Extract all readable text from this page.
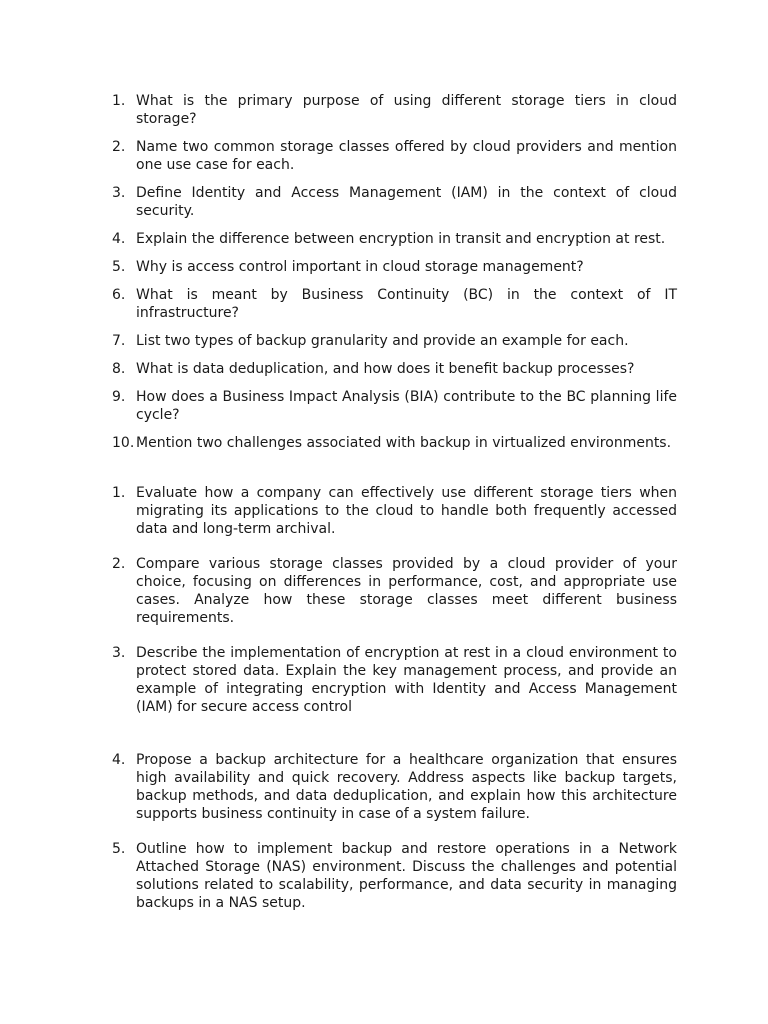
1. What is the primary purpose of using different storage tiers in cloud storage?
2. Name two common storage classes offered by cloud providers and mention one use case for each.
3. Define Identity and Access Management (IAM) in the context of cloud security.
4. Explain the difference between encryption in transit and encryption at rest.
5. Why is access control important in cloud storage management?
6. What is meant by Business Continuity (BC) in the context of IT infrastructure?
7. List two types of backup granularity and provide an example for each.
8. What is data deduplication, and how does it benefit backup processes?
9. How does a Business Impact Analysis (BIA) contribute to the BC planning life cycle?
10. Mention two challenges associated with backup in virtualized environments.
1. Evaluate how a company can effectively use different storage tiers when migrating its applications to the cloud to handle both frequently accessed data and long-term archival.
2. Compare various storage classes provided by a cloud provider of your choice, focusing on differences in performance, cost, and appropriate use cases. Analyze how these storage classes meet different business requirements.
3. Describe the implementation of encryption at rest in a cloud environment to protect stored data. Explain the key management process, and provide an example of integrating encryption with Identity and Access Management (IAM) for secure access control
4. Propose a backup architecture for a healthcare organization that ensures high availability and quick recovery. Address aspects like backup targets, backup methods, and data deduplication, and explain how this architecture supports business continuity in case of a system failure.
5. Outline how to implement backup and restore operations in a Network Attached Storage (NAS) environment. Discuss the challenges and potential solutions related to scalability, performance, and data security in managing backups in a NAS setup.
